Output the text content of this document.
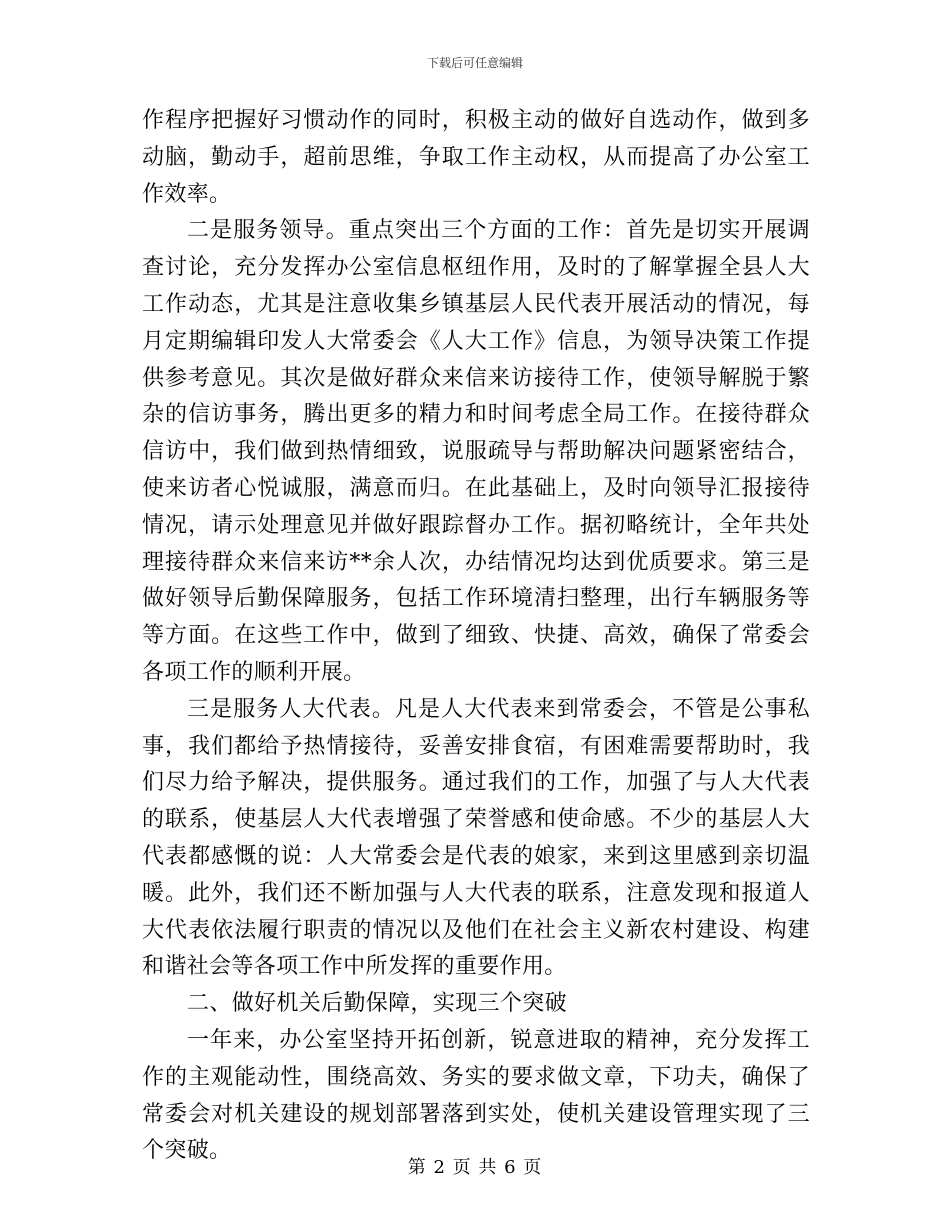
下载后可任意编辑

作程序把握好习惯动作的同时，积极主动的做好自选动作，做到多动脑，勤动手，超前思维，争取工作主动权，从而提高了办公室工作效率。

二是服务领导。重点突出三个方面的工作：首先是切实开展调查讨论，充分发挥办公室信息枢纽作用，及时的了解掌握全县人大工作动态，尤其是注意收集乡镇基层人民代表开展活动的情况，每月定期编辑印发人大常委会《人大工作》信息，为领导决策工作提供参考意见。其次是做好群众来信来访接待工作，使领导解脱于繁杂的信访事务，腾出更多的精力和时间考虑全局工作。在接待群众信访中，我们做到热情细致，说服疏导与帮助解决问题紧密结合，使来访者心悦诚服，满意而归。在此基础上，及时向领导汇报接待情况，请示处理意见并做好跟踪督办工作。据初略统计，全年共处理接待群众来信来访**余人次，办结情况均达到优质要求。第三是做好领导后勤保障服务，包括工作环境清扫整理，出行车辆服务等等方面。在这些工作中，做到了细致、快捷、高效，确保了常委会各项工作的顺利开展。

三是服务人大代表。凡是人大代表来到常委会，不管是公事私事，我们都给予热情接待，妥善安排食宿，有困难需要帮助时，我们尽力给予解决，提供服务。通过我们的工作，加强了与人大代表的联系，使基层人大代表增强了荣誉感和使命感。不少的基层人大代表都感慨的说：人大常委会是代表的娘家，来到这里感到亲切温暖。此外，我们还不断加强与人大代表的联系，注意发现和报道人大代表依法履行职责的情况以及他们在社会主义新农村建设、构建和谐社会等各项工作中所发挥的重要作用。

二、做好机关后勤保障，实现三个突破

一年来，办公室坚持开拓创新，锐意进取的精神，充分发挥工作的主观能动性，围绕高效、务实的要求做文章，下功夫，确保了常委会对机关建设的规划部署落到实处，使机关建设管理实现了三个突破。

第 2 页 共 6 页
